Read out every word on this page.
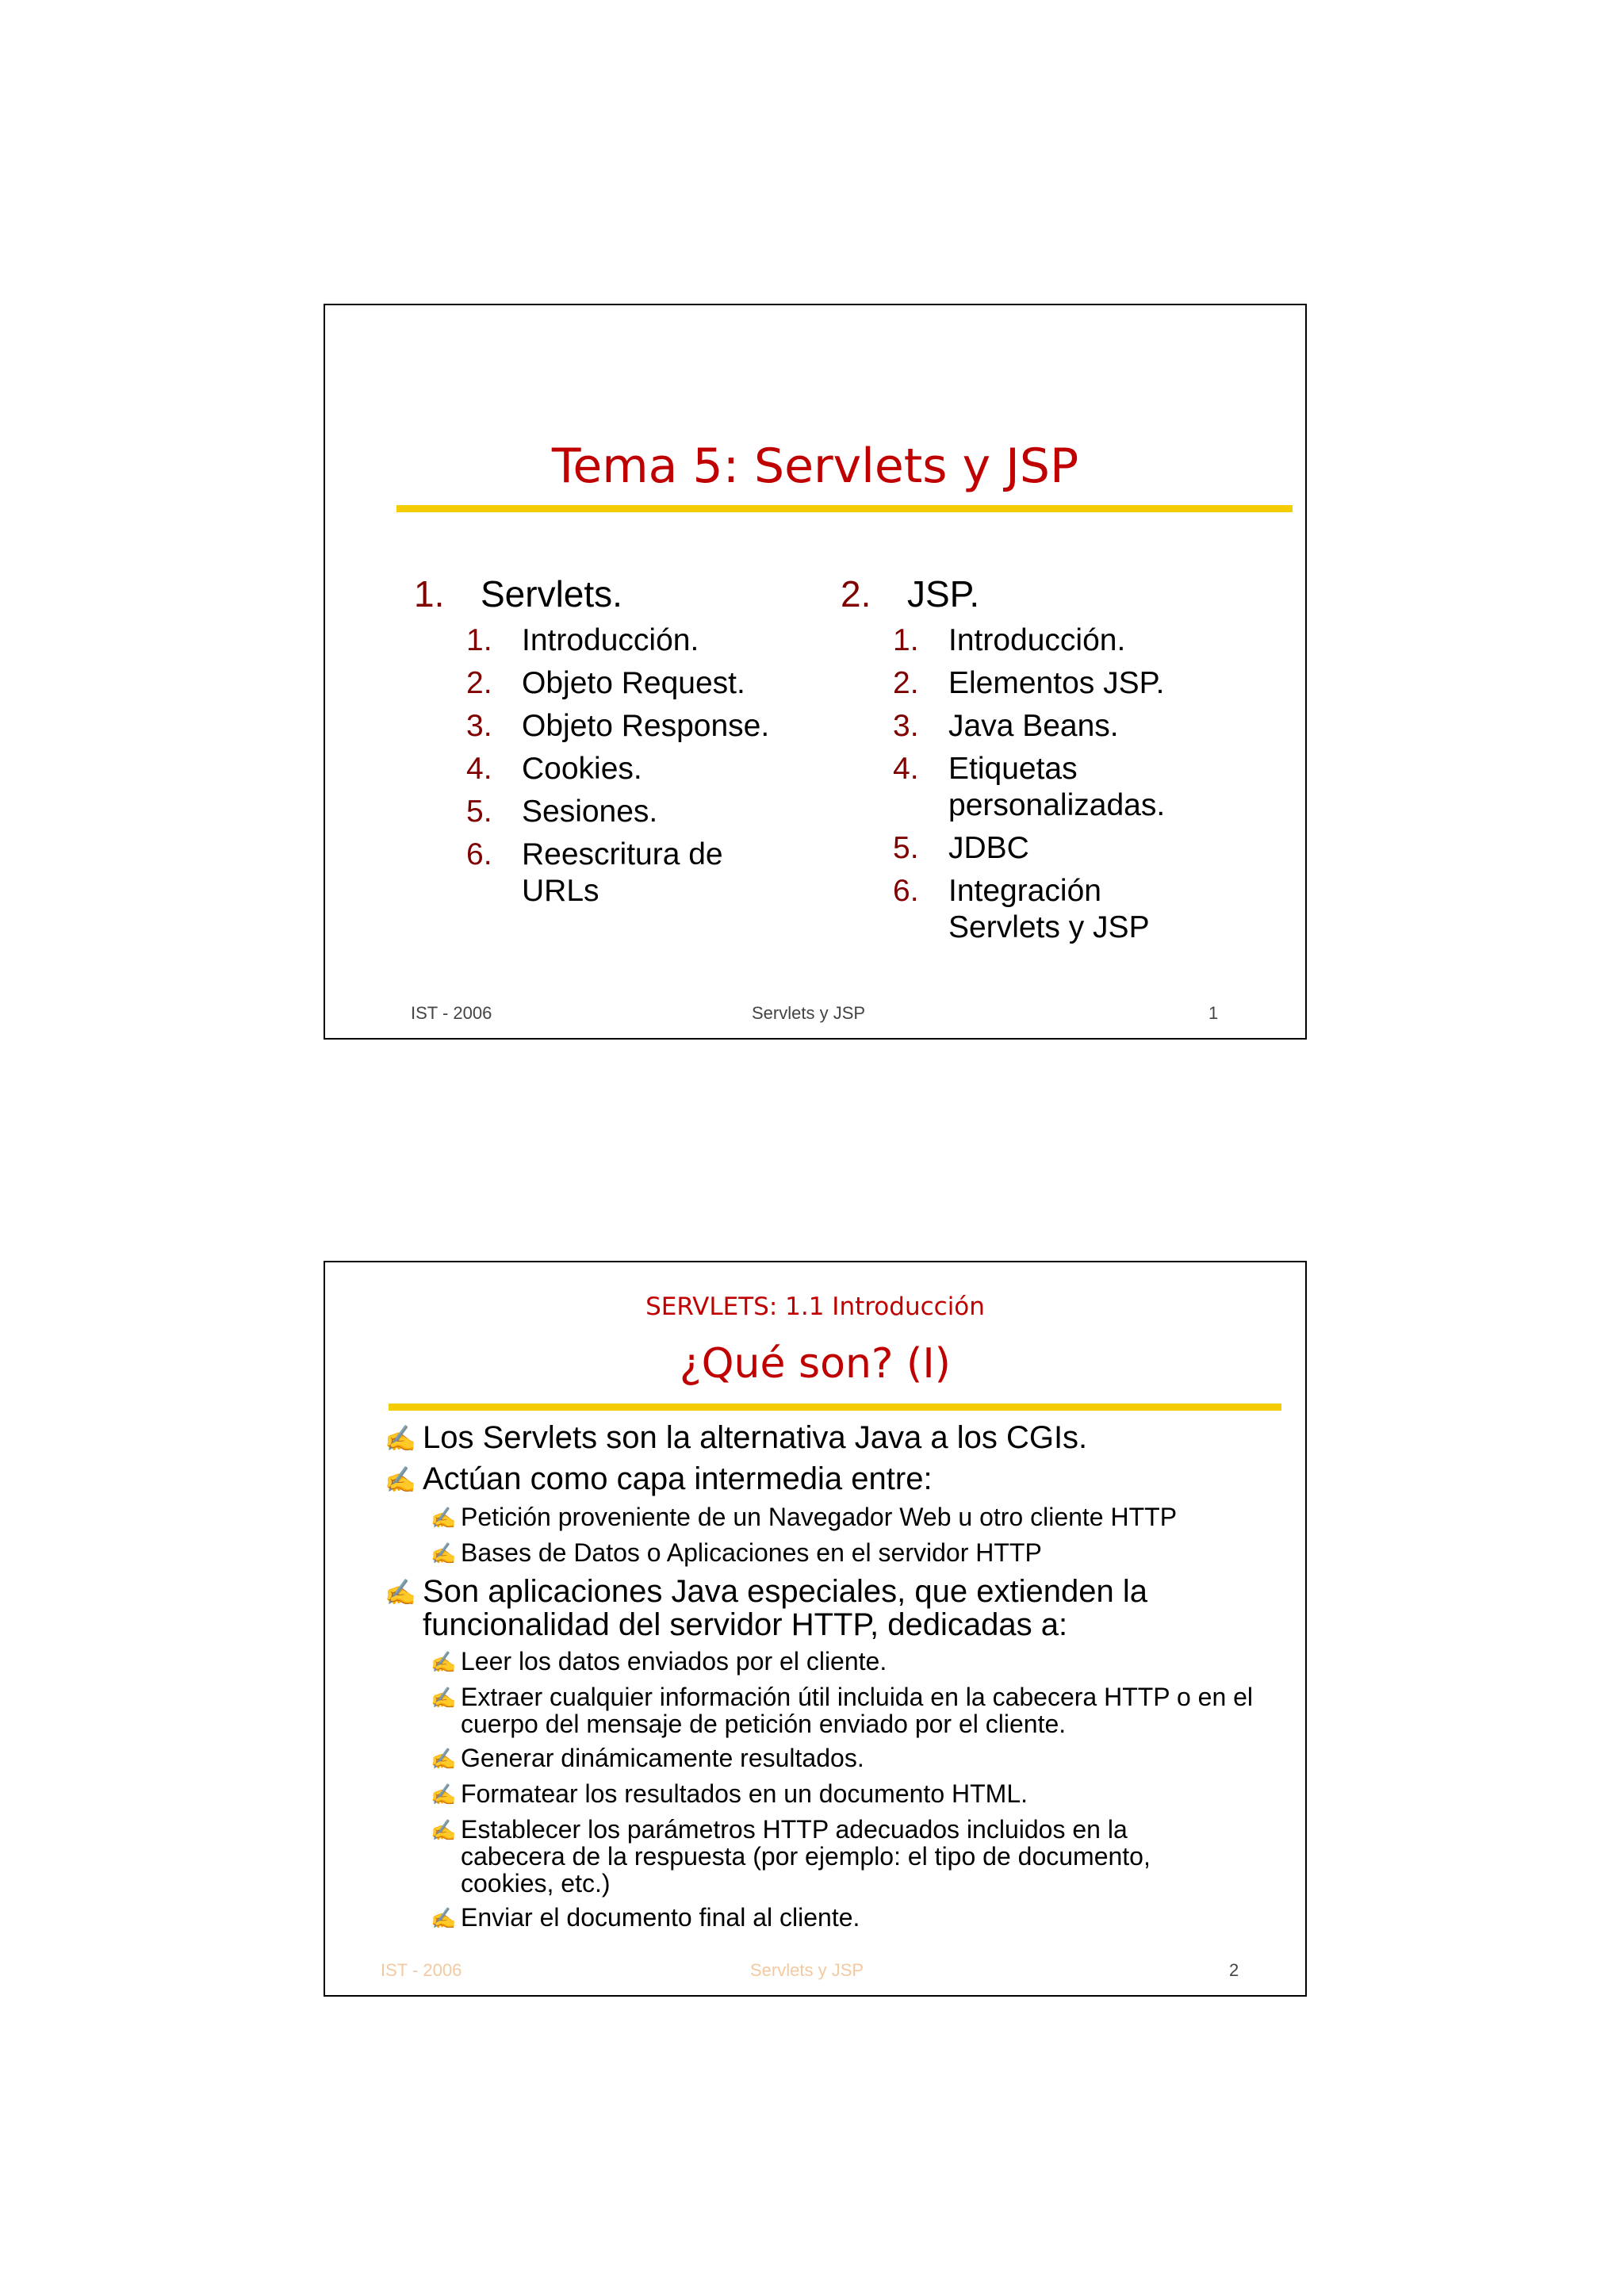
Tema 5: Servlets y JSP
1. Servlets.
1. Introducción.
2. Objeto Request.
3. Objeto Response.
4. Cookies.
5. Sesiones.
6. Reescritura de URLs
2. JSP.
1. Introducción.
2. Elementos JSP.
3. Java Beans.
4. Etiquetas personalizadas.
5. JDBC
6. Integración Servlets y JSP
IST - 2006	Servlets y JSP	1
SERVLETS: 1.1 Introducción
¿Qué son? (I)
✍ Los Servlets son la alternativa Java a los CGIs.
✍ Actúan como capa intermedia entre:
✍ Petición proveniente de un Navegador Web u otro cliente HTTP
✍ Bases de Datos o Aplicaciones en el servidor HTTP
✍ Son aplicaciones Java especiales, que extienden la funcionalidad del servidor HTTP, dedicadas a:
✍ Leer los datos enviados por el cliente.
✍ Extraer cualquier información útil incluida en la cabecera HTTP o en el cuerpo del mensaje de petición enviado por el cliente.
✍ Generar dinámicamente resultados.
✍ Formatear los resultados en un documento HTML.
✍ Establecer los parámetros HTTP adecuados incluidos en la cabecera de la respuesta (por ejemplo: el tipo de documento, cookies, etc.)
✍ Enviar el documento final al cliente.
IST - 2006	Servlets y JSP	2
